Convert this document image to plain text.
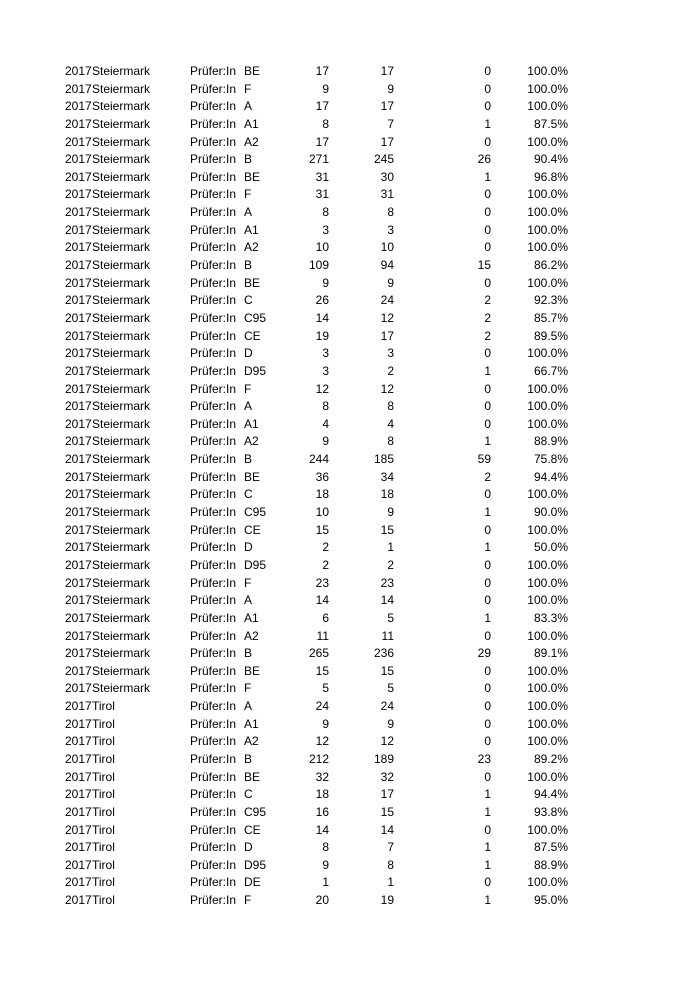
2017 Steiermark	Prüfer:In BE	17	17	0	100.0%
2017 Steiermark	Prüfer:In F	9	9	0	100.0%
2017 Steiermark	Prüfer:In A	17	17	0	100.0%
2017 Steiermark	Prüfer:In A1	8	7	1	87.5%
2017 Steiermark	Prüfer:In A2	17	17	0	100.0%
2017 Steiermark	Prüfer:In B	271	245	26	90.4%
2017 Steiermark	Prüfer:In BE	31	30	1	96.8%
2017 Steiermark	Prüfer:In F	31	31	0	100.0%
2017 Steiermark	Prüfer:In A	8	8	0	100.0%
2017 Steiermark	Prüfer:In A1	3	3	0	100.0%
2017 Steiermark	Prüfer:In A2	10	10	0	100.0%
2017 Steiermark	Prüfer:In B	109	94	15	86.2%
2017 Steiermark	Prüfer:In BE	9	9	0	100.0%
2017 Steiermark	Prüfer:In C	26	24	2	92.3%
2017 Steiermark	Prüfer:In C95	14	12	2	85.7%
2017 Steiermark	Prüfer:In CE	19	17	2	89.5%
2017 Steiermark	Prüfer:In D	3	3	0	100.0%
2017 Steiermark	Prüfer:In D95	3	2	1	66.7%
2017 Steiermark	Prüfer:In F	12	12	0	100.0%
2017 Steiermark	Prüfer:In A	8	8	0	100.0%
2017 Steiermark	Prüfer:In A1	4	4	0	100.0%
2017 Steiermark	Prüfer:In A2	9	8	1	88.9%
2017 Steiermark	Prüfer:In B	244	185	59	75.8%
2017 Steiermark	Prüfer:In BE	36	34	2	94.4%
2017 Steiermark	Prüfer:In C	18	18	0	100.0%
2017 Steiermark	Prüfer:In C95	10	9	1	90.0%
2017 Steiermark	Prüfer:In CE	15	15	0	100.0%
2017 Steiermark	Prüfer:In D	2	1	1	50.0%
2017 Steiermark	Prüfer:In D95	2	2	0	100.0%
2017 Steiermark	Prüfer:In F	23	23	0	100.0%
2017 Steiermark	Prüfer:In A	14	14	0	100.0%
2017 Steiermark	Prüfer:In A1	6	5	1	83.3%
2017 Steiermark	Prüfer:In A2	11	11	0	100.0%
2017 Steiermark	Prüfer:In B	265	236	29	89.1%
2017 Steiermark	Prüfer:In BE	15	15	0	100.0%
2017 Steiermark	Prüfer:In F	5	5	0	100.0%
2017 Tirol	Prüfer:In A	24	24	0	100.0%
2017 Tirol	Prüfer:In A1	9	9	0	100.0%
2017 Tirol	Prüfer:In A2	12	12	0	100.0%
2017 Tirol	Prüfer:In B	212	189	23	89.2%
2017 Tirol	Prüfer:In BE	32	32	0	100.0%
2017 Tirol	Prüfer:In C	18	17	1	94.4%
2017 Tirol	Prüfer:In C95	16	15	1	93.8%
2017 Tirol	Prüfer:In CE	14	14	0	100.0%
2017 Tirol	Prüfer:In D	8	7	1	87.5%
2017 Tirol	Prüfer:In D95	9	8	1	88.9%
2017 Tirol	Prüfer:In DE	1	1	0	100.0%
2017 Tirol	Prüfer:In F	20	19	1	95.0%
